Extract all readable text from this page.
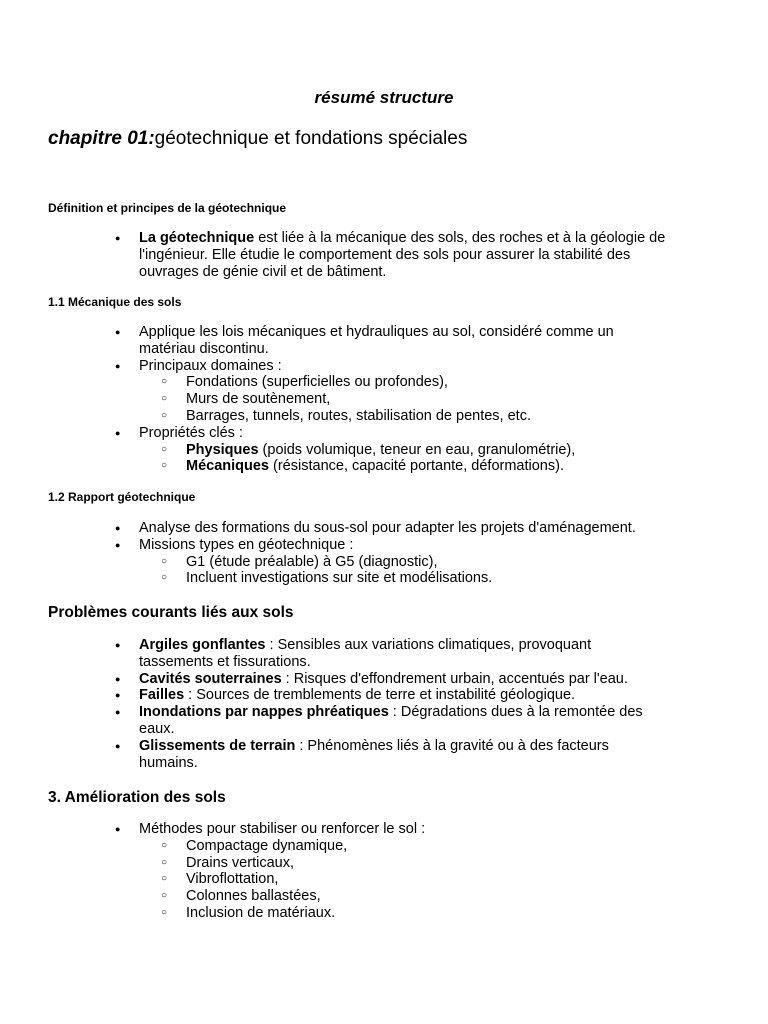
résumé structure
chapitre 01:géotechnique et fondations spéciales
Définition et principes de la géotechnique
● La géotechnique est liée à la mécanique des sols, des roches et à la géologie de l'ingénieur. Elle étudie le comportement des sols pour assurer la stabilité des ouvrages de génie civil et de bâtiment.
1.1 Mécanique des sols
● Applique les lois mécaniques et hydrauliques au sol, considéré comme un matériau discontinu.
● Principaux domaines :
○ Fondations (superficielles ou profondes),
○ Murs de soutènement,
○ Barrages, tunnels, routes, stabilisation de pentes, etc.
● Propriétés clés :
○ Physiques (poids volumique, teneur en eau, granulométrie),
○ Mécaniques (résistance, capacité portante, déformations).
1.2 Rapport géotechnique
● Analyse des formations du sous-sol pour adapter les projets d'aménagement.
● Missions types en géotechnique :
○ G1 (étude préalable) à G5 (diagnostic),
○ Incluent investigations sur site et modélisations.
Problèmes courants liés aux sols
● Argiles gonflantes : Sensibles aux variations climatiques, provoquant tassements et fissurations.
● Cavités souterraines : Risques d'effondrement urbain, accentués par l'eau.
● Failles : Sources de tremblements de terre et instabilité géologique.
● Inondations par nappes phréatiques : Dégradations dues à la remontée des eaux.
● Glissements de terrain : Phénomènes liés à la gravité ou à des facteurs humains.
3. Amélioration des sols
● Méthodes pour stabiliser ou renforcer le sol :
○ Compactage dynamique,
○ Drains verticaux,
○ Vibroflottation,
○ Colonnes ballastées,
○ Inclusion de matériaux.
